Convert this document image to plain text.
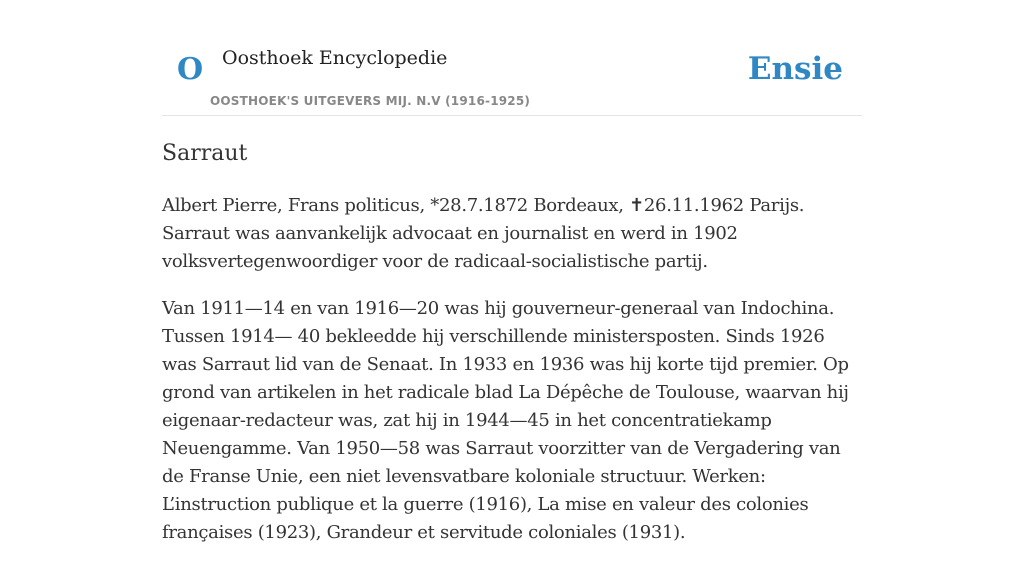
O Oosthoek Encyclopedie
OOSTHOEK'S UITGEVERS MIJ. N.V (1916-1925)
Ensie
Sarraut

Albert Pierre, Frans politicus, *28.7.1872 Bordeaux, ✝26.11.1962 Parijs. Sarraut was aanvankelijk advocaat en journalist en werd in 1902 volksvertegenwoordiger voor de radicaal-socialistische partij.

Van 1911—14 en van 1916—20 was hij gouverneur-generaal van Indochina. Tussen 1914— 40 bekleedde hij verschillende ministersposten. Sinds 1926 was Sarraut lid van de Senaat. In 1933 en 1936 was hij korte tijd premier. Op grond van artikelen in het radicale blad La Dépêche de Toulouse, waarvan hij eigenaar-redacteur was, zat hij in 1944—45 in het concentratiekamp Neuengamme. Van 1950—58 was Sarraut voorzitter van de Vergadering van de Franse Unie, een niet levensvatbare koloniale structuur. Werken: L’instruction publique et la guerre (1916), La mise en valeur des colonies françaises (1923), Grandeur et servitude coloniales (1931).
